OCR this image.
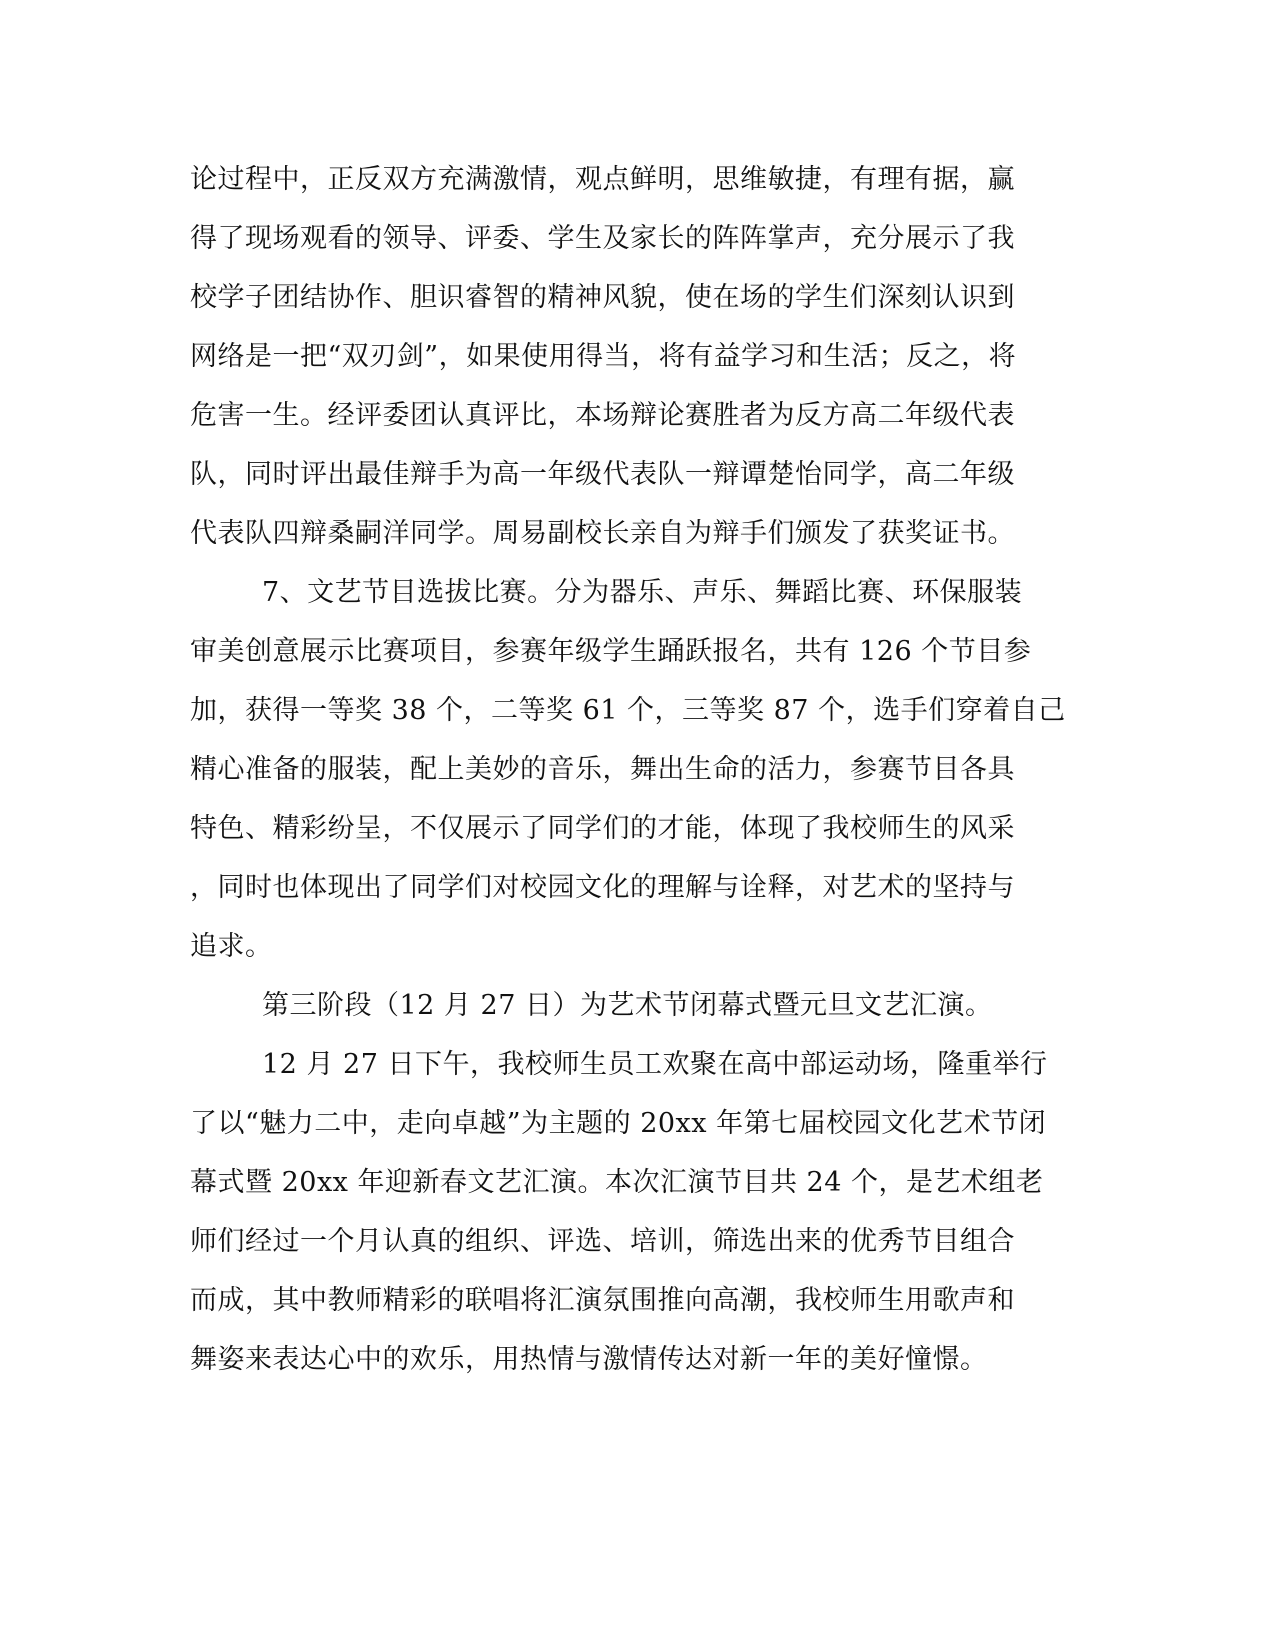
论过程中，正反双方充满激情，观点鲜明，思维敏捷，有理有据，赢
得了现场观看的领导、评委、学生及家长的阵阵掌声，充分展示了我
校学子团结协作、胆识睿智的精神风貌，使在场的学生们深刻认识到
网络是一把“双刃剑”，如果使用得当，将有益学习和生活；反之，将
危害一生。经评委团认真评比，本场辩论赛胜者为反方高二年级代表
队，同时评出最佳辩手为高一年级代表队一辩谭楚怡同学，高二年级
代表队四辩桑嗣洋同学。周易副校长亲自为辩手们颁发了获奖证书。
7、文艺节目选拔比赛。分为器乐、声乐、舞蹈比赛、环保服装
审美创意展示比赛项目，参赛年级学生踊跃报名，共有 126 个节目参
加，获得一等奖 38 个，二等奖 61 个，三等奖 87 个，选手们穿着自己
精心准备的服装，配上美妙的音乐，舞出生命的活力，参赛节目各具
特色、精彩纷呈，不仅展示了同学们的才能，体现了我校师生的风采
，同时也体现出了同学们对校园文化的理解与诠释，对艺术的坚持与
追求。
第三阶段（12 月 27 日）为艺术节闭幕式暨元旦文艺汇演。
12 月 27 日下午，我校师生员工欢聚在高中部运动场，隆重举行
了以“魅力二中，走向卓越”为主题的 20xx 年第七届校园文化艺术节闭
幕式暨 20xx 年迎新春文艺汇演。本次汇演节目共 24 个，是艺术组老
师们经过一个月认真的组织、评选、培训，筛选出来的优秀节目组合
而成，其中教师精彩的联唱将汇演氛围推向高潮，我校师生用歌声和
舞姿来表达心中的欢乐，用热情与激情传达对新一年的美好憧憬。
